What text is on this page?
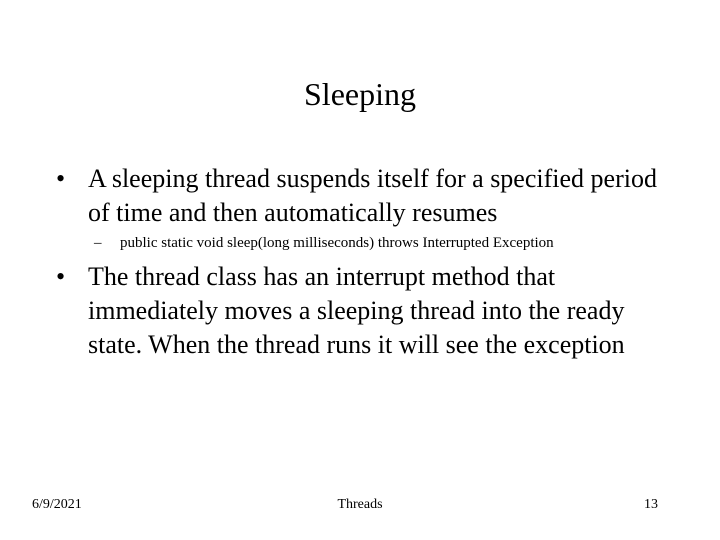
Sleeping
• A sleeping thread suspends itself for a specified period of time and then automatically resumes
–	public static void sleep(long milliseconds) throws Interrupted Exception
• The thread class has an interrupt method that immediately moves a sleeping thread into the ready state. When the thread runs it will see the exception
6/9/2021	Threads	13
